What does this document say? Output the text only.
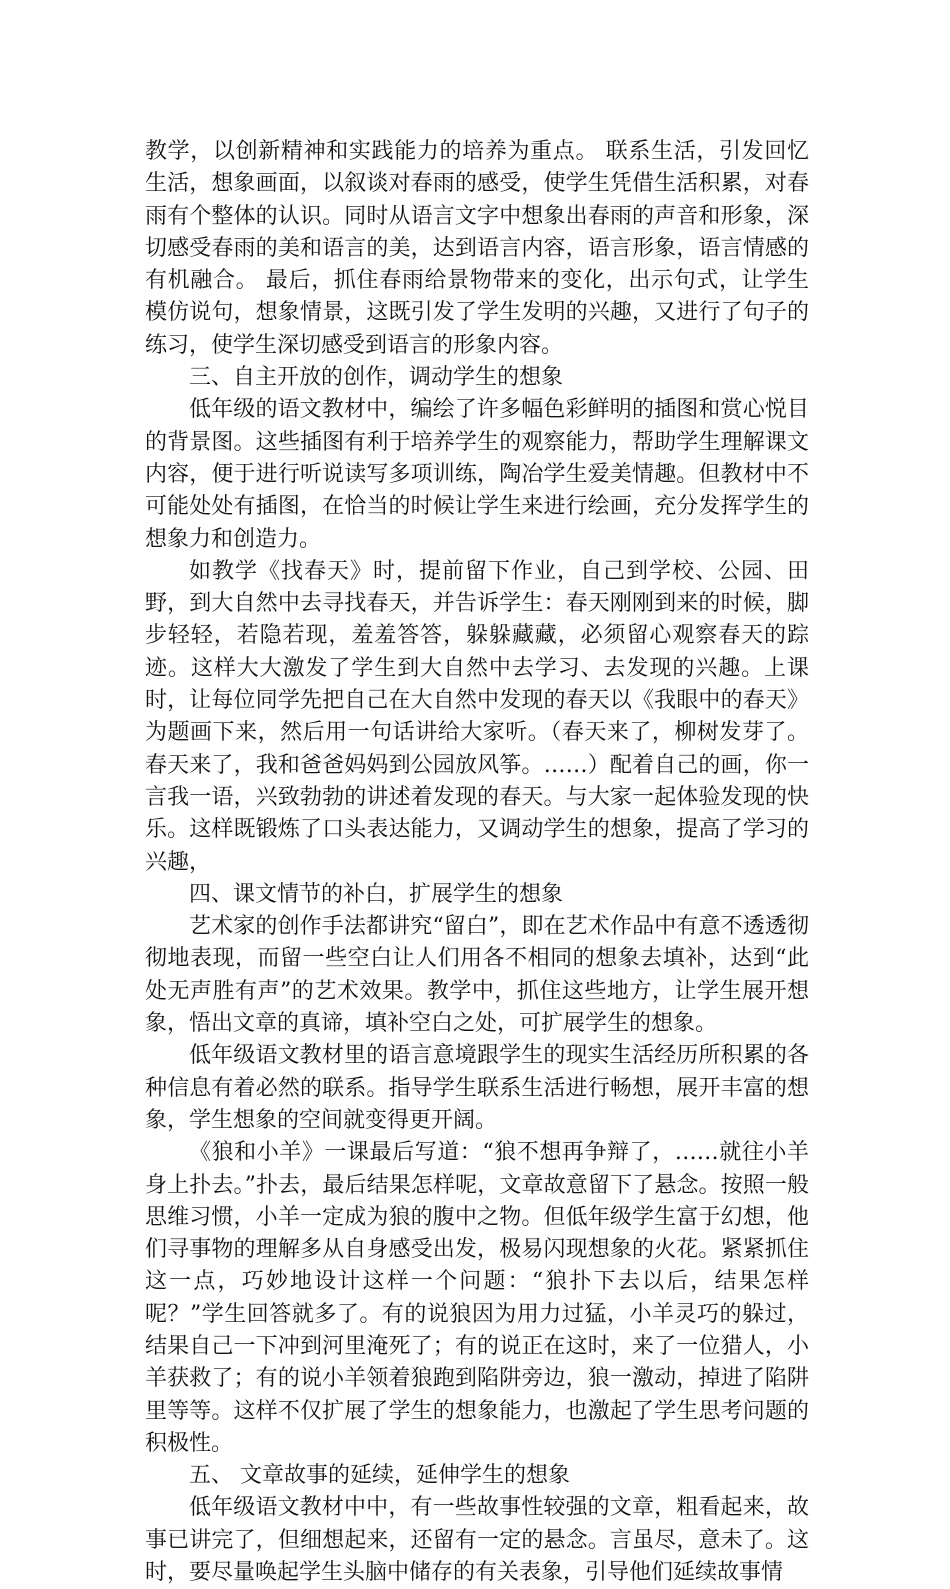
教学，以创新精神和实践能力的培养为重点。 联系生活，引发回忆生活，想象画面，以叙谈对春雨的感受，使学生凭借生活积累，对春雨有个整体的认识。同时从语言文字中想象出春雨的声音和形象，深切感受春雨的美和语言的美，达到语言内容，语言形象，语言情感的有机融合。 最后，抓住春雨给景物带来的变化，出示句式，让学生模仿说句，想象情景，这既引发了学生发明的兴趣，又进行了句子的练习，使学生深切感受到语言的形象内容。

三、自主开放的创作，调动学生的想象

低年级的语文教材中，编绘了许多幅色彩鲜明的插图和赏心悦目的背景图。这些插图有利于培养学生的观察能力，帮助学生理解课文内容，便于进行听说读写多项训练，陶冶学生爱美情趣。但教材中不可能处处有插图，在恰当的时候让学生来进行绘画，充分发挥学生的想象力和创造力。

如教学《找春天》时，提前留下作业，自己到学校、公园、田野，到大自然中去寻找春天，并告诉学生：春天刚刚到来的时候，脚步轻轻，若隐若现，羞羞答答，躲躲藏藏，必须留心观察春天的踪迹。这样大大激发了学生到大自然中去学习、去发现的兴趣。上课时，让每位同学先把自己在大自然中发现的春天以《我眼中的春天》为题画下来，然后用一句话讲给大家听。（春天来了，柳树发芽了。春天来了，我和爸爸妈妈到公园放风筝。……）配着自己的画，你一言我一语，兴致勃勃的讲述着发现的春天。与大家一起体验发现的快乐。这样既锻炼了口头表达能力，又调动学生的想象，提高了学习的兴趣，

四、课文情节的补白，扩展学生的想象

艺术家的创作手法都讲究“留白”，即在艺术作品中有意不透透彻彻地表现，而留一些空白让人们用各不相同的想象去填补，达到“此处无声胜有声”的艺术效果。教学中，抓住这些地方，让学生展开想象，悟出文章的真谛，填补空白之处，可扩展学生的想象。

低年级语文教材里的语言意境跟学生的现实生活经历所积累的各种信息有着必然的联系。指导学生联系生活进行畅想，展开丰富的想象，学生想象的空间就变得更开阔。

《狼和小羊》一课最后写道：“狼不想再争辩了，……就往小羊身上扑去。”扑去，最后结果怎样呢，文章故意留下了悬念。按照一般思维习惯，小羊一定成为狼的腹中之物。但低年级学生富于幻想，他们寻事物的理解多从自身感受出发，极易闪现想象的火花。紧紧抓住这一点，巧妙地设计这样一个问题：“狼扑下去以后，结果怎样呢？”学生回答就多了。有的说狼因为用力过猛，小羊灵巧的躲过，结果自己一下冲到河里淹死了；有的说正在这时，来了一位猎人，小羊获救了；有的说小羊领着狼跑到陷阱旁边，狼一激动，掉进了陷阱里等等。这样不仅扩展了学生的想象能力，也激起了学生思考问题的积极性。

五、 文章故事的延续，延伸学生的想象

低年级语文教材中中，有一些故事性较强的文章，粗看起来，故事已讲完了，但细想起来，还留有一定的悬念。言虽尽，意未了。这时，要尽量唤起学生头脑中储存的有关表象，引导他们延续故事情
